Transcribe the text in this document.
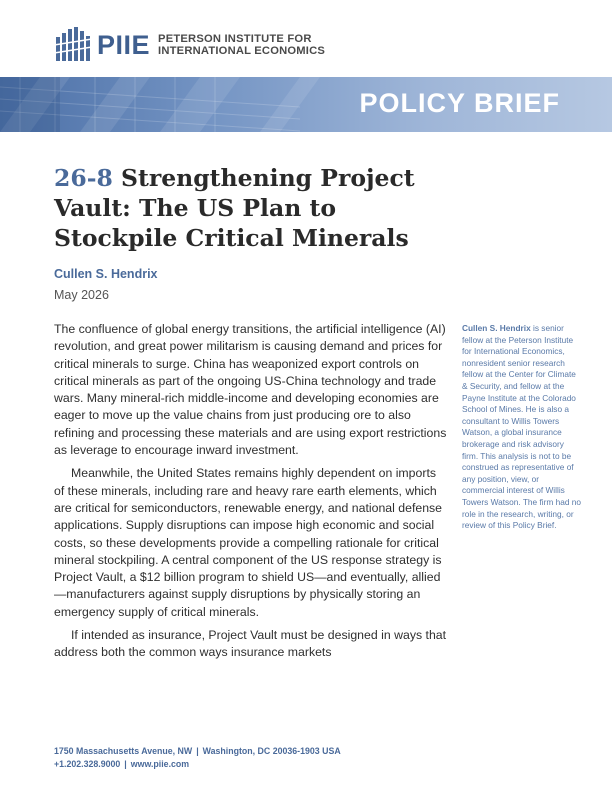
PIIE PETERSON INSTITUTE FOR
INTERNATIONAL ECONOMICS
POLICY BRIEF
26-8 Strengthening Project Vault: The US Plan to Stockpile Critical Minerals
Cullen S. Hendrix
May 2026

The confluence of global energy transitions, the artificial intelligence (AI) revolution, and great power militarism is causing demand and prices for critical minerals to surge. China has weaponized export controls on critical minerals as part of the ongoing US-China technology and trade wars. Many mineral-rich middle-income and developing economies are eager to move up the value chains from just producing ore to also refining and processing these materials and are using export restrictions as leverage to encourage inward investment.

Meanwhile, the United States remains highly dependent on imports of these minerals, including rare and heavy rare earth elements, which are critical for semiconductors, renewable energy, and national defense applications. Supply disruptions can impose high economic and social costs, so these developments provide a compelling rationale for critical mineral stockpiling. A central component of the US response strategy is Project Vault, a $12 billion program to shield US—and eventually, allied—manufacturers against supply disruptions by physically storing an emergency supply of critical minerals.

If intended as insurance, Project Vault must be designed in ways that address both the common ways insurance markets

Cullen S. Hendrix is senior fellow at the Peterson Institute for International Economics, nonresident senior research fellow at the Center for Climate & Security, and fellow at the Payne Institute at the Colorado School of Mines. He is also a consultant to Willis Towers Watson, a global insurance brokerage and risk advisory firm. This analysis is not to be construed as representative of any position, view, or commercial interest of Willis Towers Watson. The firm had no role in the research, writing, or review of this Policy Brief.
1750 Massachusetts Avenue, NW | Washington, DC 20036-1903 USA
+1.202.328.9000 | www.piie.com
